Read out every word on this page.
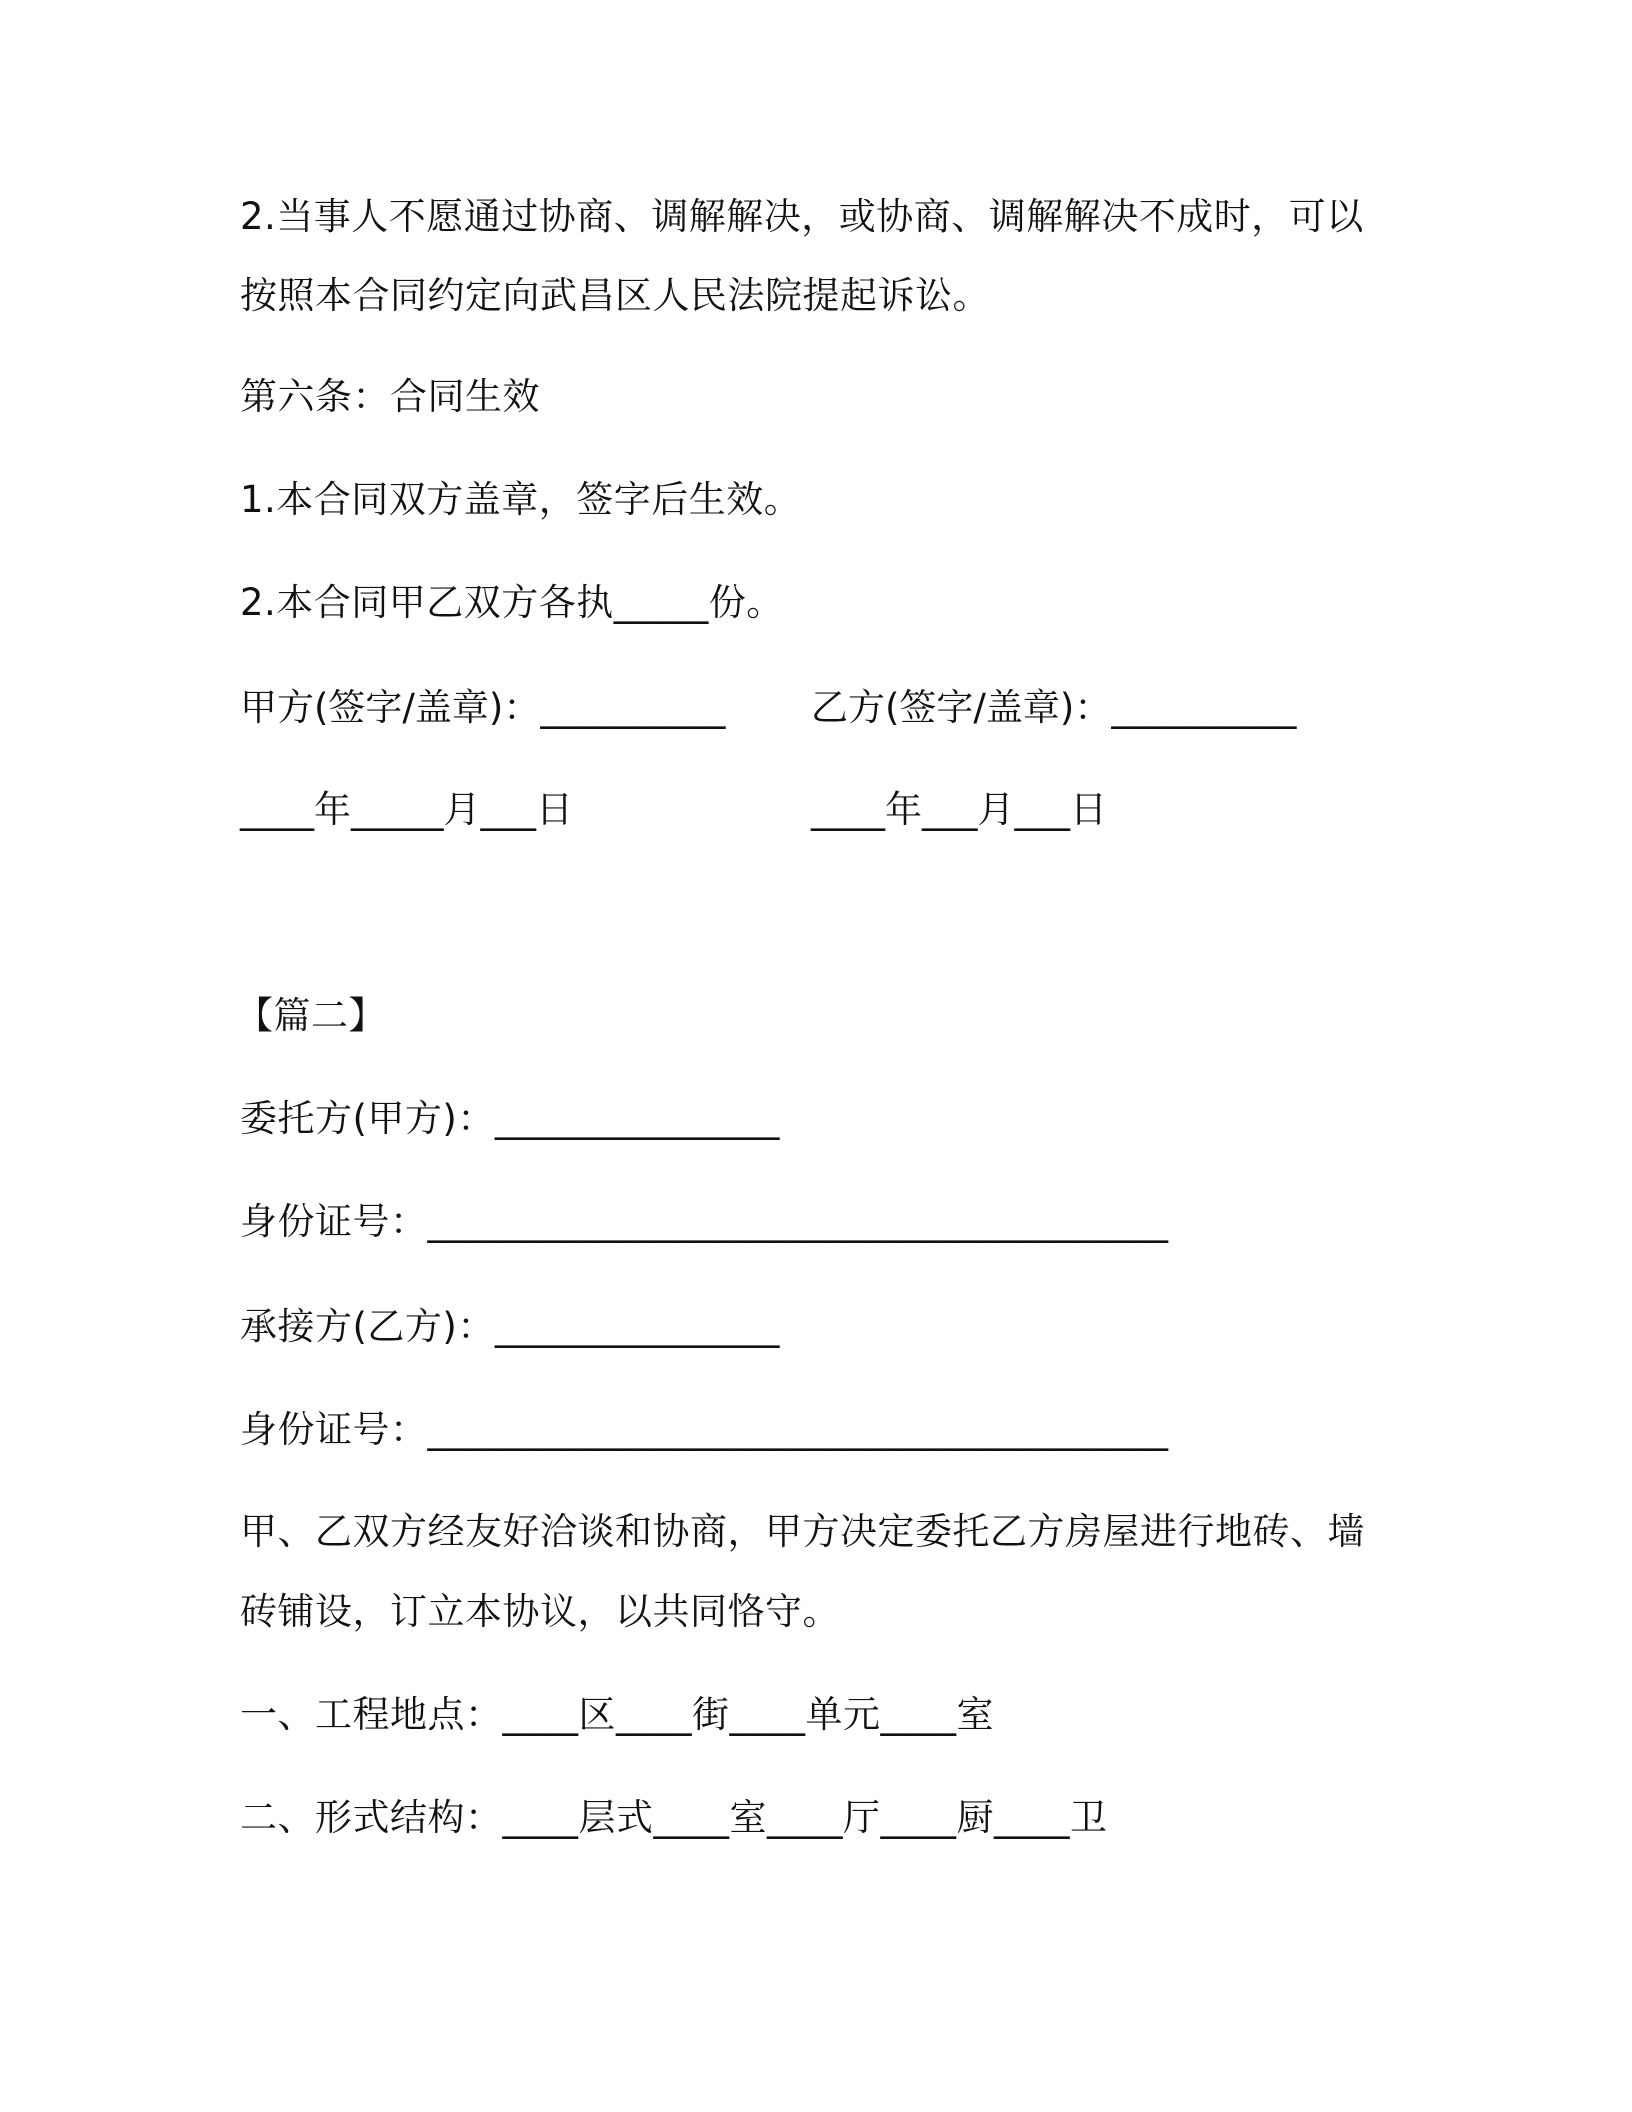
2.当事人不愿通过协商、调解解决，或协商、调解解决不成时，可以
按照本合同约定向武昌区人民法院提起诉讼。
第六条：合同生效
1.本合同双方盖章，签字后生效。
2.本合同甲乙双方各执_____份。
甲方(签字/盖章)：__________ 乙方(签字/盖章)：__________
____年_____月___日	____年___月___日
【篇二】
委托方(甲方)：_______________
身份证号：_______________________________________
承接方(乙方)：_______________
身份证号：_______________________________________
甲、乙双方经友好洽谈和协商，甲方决定委托乙方房屋进行地砖、墙
砖铺设，订立本协议，以共同恪守。
一、工程地点：____区____街____单元____室
二、形式结构：____层式____室____厅____厨____卫
